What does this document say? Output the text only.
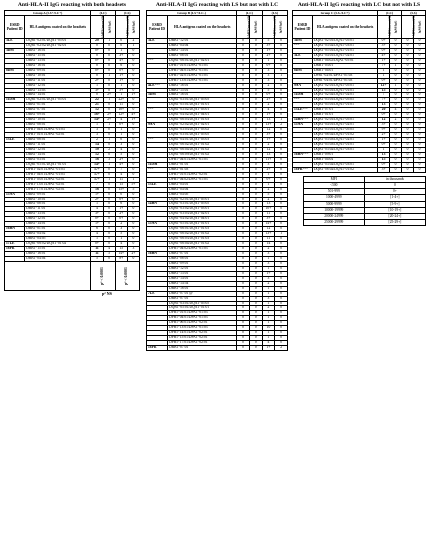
Anti-HLA-II IgG reacting with both headsets
Group A (LS+/LC+)		(LC)		(LS)	
ESRD Patient ID	HLA antigens coated on the headsets	P-MFI(mean)/fix	IgM/IgG	P-MFI(mean)/fix	IgM/IgG
3LE	DQB1*02:01/DQA1*05:01	20	1	0	2
	DQB1*02:02/DQA1*02:01	0	0	0	1
3DM	DRB1*16:01	0+	0	1	0
	DRB1*15:01	0	0	3+	0
	DRB1*13:01	0+	0	4+	0
	DRB1*16:01	0	0	6	0
8DM	DRB1*09:01	0+	0	0+	0
	DRB1*10:01	0	1	1+	0
	DRB1*11:01	2+	0	1+	0
	DRB1*12:01	1	0	1	0
	DRB1*13:03	3+	0	5+	0
	DRB1*14:01	0	2+	1	1+
11DM	DQB1*02:01/DQA1*05:01	22	1	22+	0
	DRB1*01:01	21	0	11	0
	DRB1*07:01	12	0	10+	0
	DRB1*09:01	16+	2+	12+	4+
	DRB1*10:01	14+	2+	4	1+
	DRB1*08:01	1	1	0+	0
	DPB1*04:01/DPA1*01:03	3	0	1	0
	DPB1*01:01/DPA1*02:01	3	0	1	0
13LE	DRB1*08:01	2	1	0	0
	DRB1*11:01	14	0	3	0
	DRB1*12:01	10	2	4	0
	DRB1*14:01	12	0	5	0
	DRB1*03:01	16	3	2+	0
	DQB1*05:01/DQA1*01:01	14+	1	4+	0
	DPB1*02:01/DPA1*01:03	17+	0	7	0
	DPB1*04:01/DPA1*01:03	17+	0	4	0
	DPB1*03:01/DPA1*02:01	17+	1	11	1
	DPB1*13:01/DPA1*02:01	7	0	15	5+
	DPB1*17:01/DPA1*02:01	16	0	15+	5
15NA	DRB1*09:01	1+	0	0	0
	DRB1*10:01	2+	0	0+	0
	DRB1*08:01	1	0	6	0
	DRB1*11:01	4	0	1+	0
	DRB1*13:01	3+	0	2+	0
	DRB1*12:01	0+	0	0+	0
	DRB1*14:01	1+	0	2	0
16HN	DRB1*01:01	6	0	3	0
	DRB1*04:02	4	0	5	0
	DRB1*04:05	1	0	1	0
17LE	DQB1*06:02/DQA1*01:02	0+	0	4	0
18PK	DRB1*15:01	11	4	15	3
	DRB1*16:01	11	5	14+	2+
	DRB1*04:04	5	0	8+	0
		p² < 0.0001		p² < 0.0001	
p² NS
Anti-HLA-II IgG reacting with LS but not with LC
Group B (LS+/LC-)		(LC)		(LS)	
ESRD Patient ID	HLA antigens coated on the headsets	P-MFI(mean)/fix	IgM/IgG	P-MFI(mean)/fix	IgM/IgG
3LE	DRB1*12:01	0	0	5	0
	DRB1*04:04	0	0	3+	0
	DRB1*14:01	0	0	1+	0
	DRB1*08:01	0	0	2+	0
***	DQB1*06:01/DQA1*02:01	0	0	1	0
	DPB1*01:01/DPA1*01:03	0	0	0+	0
	DPB1*04:01/DPA1*01:03	0	0	3	0
	DPB1*02:01/DPA1*01:03	0	0	3	1
	DPB1*13:01/DPA1*01:03	0	0	3	0
4LE***	DRB1*16:01	0	0	2	0
	DRB1*15:01	0	0	5	0
5DM	DRB1*16:01	0	0	0+	0
	DQB1*03:01/DQA1*05:05	0	0	2+	0
	DQB1*05:01/DQA1*01:01	0	0	2	0
***	DQB1*03:02/DQA1*03:01	0	0	4	0
	DQB1*04:02/DQA1*04:01	0	0	1+	0
	DQB1*06:03/DQA1*01:03	0	0	13	1
9NA	DQB1*02:02/DQA1*02:01	0	0	13+	2
	DQB1*03:03/DQA1*03:02	0	0	12	0
	DQB1*03:01/DQA1*05:05	0	0	3+	0
***	DQB1*04:01/DQA1*03:03	0	0	1+	0
	DQB1*06:02/DQA1*01:02	0	0	2	0
	DQB1*06:04/DQA1*01:02	0	0	12	0
	DQB1*06:09/DQA1*01:02	0	0	13	0
	DPB1*04:01/DPA1*01:03	0	0	11+	0
11DM	DRB1*01:01	0	0	3	0
***	DRB1*01:03	0	0	2+	0
	DPB1*01:01/DPA1*02:01	0	0	1	0
	DPB1*04:02/DPA1*01:03	0	0	0+	0
13LE	DRB1*04:01	0	0	1	0
	DRB1*04:04	0	0	2	0
	DRB1*04:05	0	0	5	0
	DQB1*02:01/DQA1*05:01	0	0	2	0
14HN	DQB1*03:01/DQA1*05:05	0	0	13	0
	DQB1*03:02/DQA1*03:01	0	0	10+	0
	DQB1*03:03/DQA1*02:01	0	0	11	0
	DQB1*04:02/DQA1*04:01	0	0	3+	0
15NA	DQB1*05:01/DQA1*01:01	0	0	14+	0
	DQB1*06:01/DQA1*01:03	0	0	12	0
	DQB1*06:02/DQA1*01:02	0	0	13+	1
	DQB1*06:03/DQA1*01:03	0	0	11	0
	DQB1*06:04/DQA1*01:02	0	0	14	0
	DPB1*04:02/DPA1*01:03	0	0	2	0
16HN	DRB1*07:01	0	0	3	0
	DRB1*08:01	0	0	1	0
	DRB1*09:01	0	0	3	0
	DRB1*12:01	0	0	1	0
	DRB1*13:01	0	0	1+	0
	DRB1*14:01	0	0	3	0
	DRB1*14:54	0	0	2	0
	DRB1*16:01	0	0	1	0
7LE	DRB1*07:01 @	0	0	1	0
	DRB1*07:01	0	0	3	0
	DQB1*03:01/DQA1*05:05	0	0	1	0
	DQB1*05:01/DQA1*01:01	0	0	2	0
	DPB1*01:01/DPA1*01:03	0	0	1	0
	DPB1*04:01/DPA1*01:03	0	0	1	0
	DPB1*06:01/DPA1*02:01	0	0	1	0
	DPB1*13:01/DPA1*01:03	0	0	10	0
	DPB1*14:01/DPA1*02:01	0	0	1	0
	DPB1*15:01/DPA1*02:01	0	0	1	0
	DPB1*17:01/DPA1*02:01	0	0	4	0
18PK	DRB1*07:01	0	0	1+	2
Anti-HLA-II IgG reacting with LC but not with LS
Group C (LS-/LC+)		(LC)		(LS)	
ESRD Patient ID	HLA antigens coated on the headsets	P-MFI(mean)/fix	IgM/IgG	P-MFI(mean)/fix	IgM/IgG
3DM	DQB1*02:01/DQA1*05:01	0+	0	0	0
***	DQB1*03:02/DQA1*03:01	3+	0	0	0
	DQB1*05:01/DQA1*01:01	0+	0	0	0
3LE	DQB1*04:01/DQA1*02:01	4+	0	0	0
	DRB1*04:02/DQA1*05:01	1+	0	0	0
	DRB1*03:01	7+	1	0	0
8DM	DRB1*04:01	1	0	0	0
	DPB1*02:01/DPA1*01:03	1	0	0	0
	DPB1*04:01/DPA1*01:03	0+	0	0	0
9NA	DQB1*02:01/DQA1*05:01	12+	1	0	0
	DQB1*05:01/DQA1*01:01	15	0	0	0
11DM	DQB1*02:02/DQA1*02:01	7	0	0	0
***	DQB1*03:01/DQA1*05:05	7+	0	0	0
	DQB1*05:01/DQA1*01:01	13	0	0	0
13LE***	DRB1*07:01	20	4	0	0
	DRB1*01:01	0+	0	0	0
14HN***	DQB1*02:01/DQA1*05:01	12	2	0	0
15NA	DQB1*04:01/DQA1*02:01	3+	0	0	0
	DQB1*03:01/DQA1*05:05	9+	0	0	0
	DQB1*06:02/DQA1*01:02	2+	0	0	0
	DQB1*03:03/DQA1*02:01	1+	0	0	0
	DQB1*05:03/DQA1*01:01	0+	0	0	0
	DQB1*03:02/DQA1*03:01	1	0	0	0
16HN***	DRB1*09:01	13	0	0	0
	DRB1*04:04	15	0	0	0
	DQB1*03:02/DQA1*03:01	0+	0	0	0
18PK***	DQB1*06:02/DQA1*01:02	3+	0	0	0
MFI	in thousands
<500	0
501-999	0+
1000-4999	[1-4+]
5000-9999	[5-9+]
10000-19999	[10-19+]
20000-24999	[20-24+]
25000-29999	[25-29+]
